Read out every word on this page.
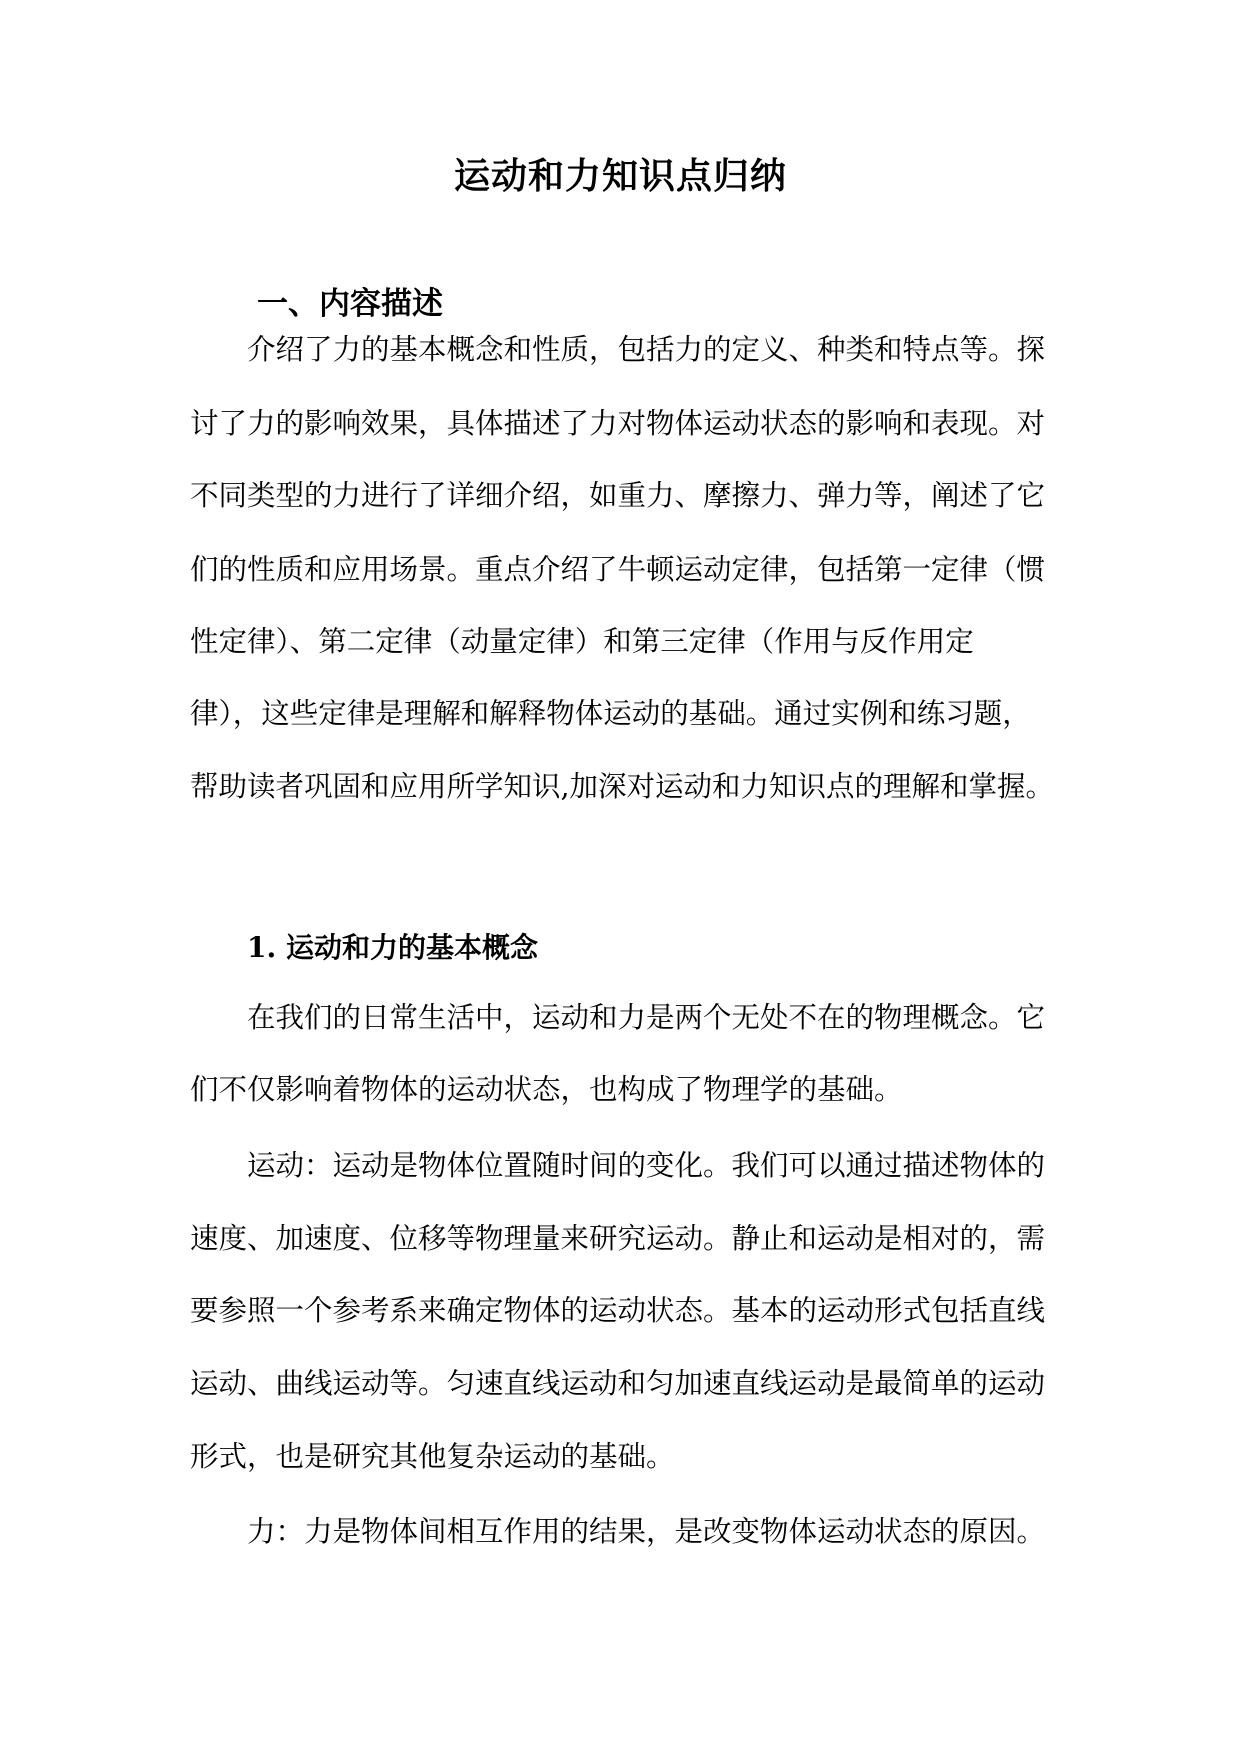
运动和力知识点归纳
一、内容描述

介绍了力的基本概念和性质，包括力的定义、种类和特点等。探

讨了力的影响效果，具体描述了力对物体运动状态的影响和表现。对

不同类型的力进行了详细介绍，如重力、摩擦力、弹力等，阐述了它

们的性质和应用场景。重点介绍了牛顿运动定律，包括第一定律（惯

性定律）、第二定律（动量定律）和第三定律（作用与反作用定

律），这些定律是理解和解释物体运动的基础。通过实例和练习题，

帮助读者巩固和应用所学知识,加深对运动和力知识点的理解和掌握。

1. 运动和力的基本概念

在我们的日常生活中，运动和力是两个无处不在的物理概念。它

们不仅影响着物体的运动状态，也构成了物理学的基础。

运动：运动是物体位置随时间的变化。我们可以通过描述物体的

速度、加速度、位移等物理量来研究运动。静止和运动是相对的，需

要参照一个参考系来确定物体的运动状态。基本的运动形式包括直线

运动、曲线运动等。匀速直线运动和匀加速直线运动是最简单的运动

形式，也是研究其他复杂运动的基础。

力：力是物体间相互作用的结果，是改变物体运动状态的原因。
